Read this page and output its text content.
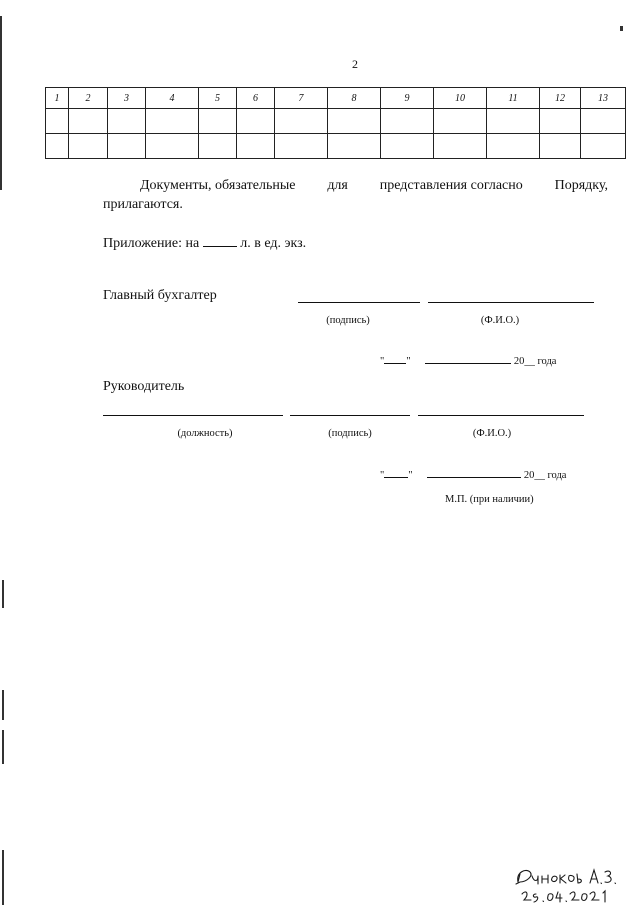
2
1	2	3	4	5	6	7	8	9	10	11	12	13

Документы, обязательные для представления согласно Порядку,
прилагаются.
Приложение: на	л. в ед. экз.
Главный бухгалтер
(подпись)	(Ф.И.О.)
" "	20__ года
Руководитель
(должность)	(подпись)	(Ф.И.О.)
" "	20__ года
М.П. (при наличии)
